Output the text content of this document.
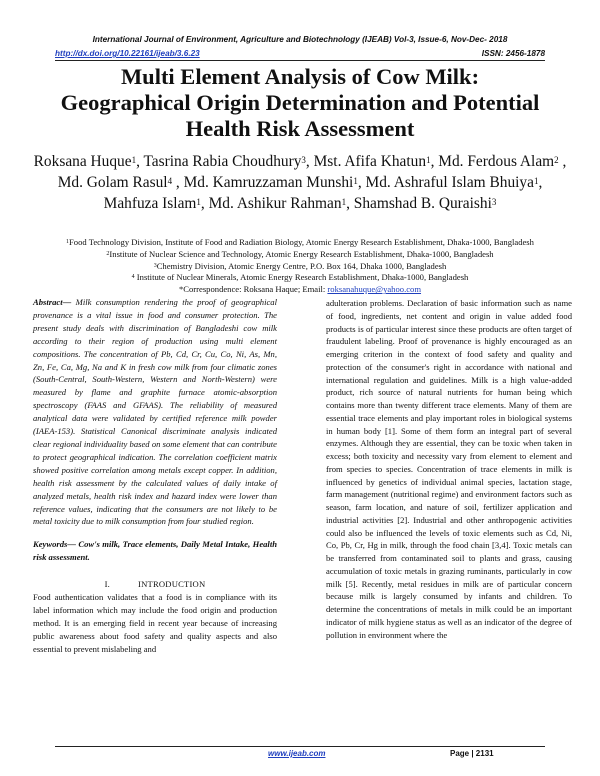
International Journal of Environment, Agriculture and Biotechnology (IJEAB) Vol-3, Issue-6, Nov-Dec- 2018
http://dx.doi.org/10.22161/ijeab/3.6.23	ISSN: 2456-1878
Multi Element Analysis of Cow Milk:
Geographical Origin Determination and Potential
Health Risk Assessment
Roksana Huque$^1$, Tasrina Rabia Choudhury$^3$, Mst. Afifa Khatun$^1$, Md. Ferdous Alam$^2$ , Md. Golam Rasul$^4$ , Md. Kamruzzaman Munshi$^1$, Md. Ashraful Islam Bhuiya$^1$, Mahfuza Islam$^1$, Md. Ashikur Rahman$^1$, Shamshad B. Quraishi$^3$
$^1$Food Technology Division, Institute of Food and Radiation Biology, Atomic Energy Research Establishment, Dhaka-1000, Bangladesh
$^2$Institute of Nuclear Science and Technology, Atomic Energy Research Establishment, Dhaka-1000, Bangladesh
$^3$Chemistry Division, Atomic Energy Centre, P.O. Box 164, Dhaka 1000, Bangladesh
$^4$ Institute of Nuclear Minerals, Atomic Energy Research Establishment, Dhaka-1000, Bangladesh
*Correspondence: Roksana Haque; Email: roksanahuque@yahoo.com

Abstract— Milk consumption rendering the proof of geographical provenance is a vital issue in food and consumer protection. The present study deals with discrimination of Bangladeshi cow milk according to their region of production using multi element compositions. The concentration of Pb, Cd, Cr, Cu, Co, Ni, As, Mn, Zn, Fe, Ca, Mg, Na and K in fresh cow milk from four climatic zones (South-Central, South-Western, Western and North-Western) were measured by flame and graphite furnace atomic-absorption spectroscopy (FAAS and GFAAS). The reliability of measured analytical data were validated by certified reference milk powder (IAEA-153). Statistical Canonical discriminate analysis indicated clear regional individuality based on some element that can contribute to protect geographical indication. The correlation coefficient matrix showed positive correlation among metals except copper. In addition, health risk assessment by the calculated values of daily intake of analyzed metals, health risk index and hazard index were lower than reference values, indicating that the consumers are not likely to be metal toxicity due to milk consumption from four studied region.

Keywords— Cow's milk, Trace elements, Daily Metal Intake, Health risk assessment.

I.	INTRODUCTION

Food authentication validates that a food is in compliance with its label information which may include the food origin and production method. It is an emerging field in recent year because of increasing public awareness about food safety and quality aspects and also essential to prevent mislabeling and

adulteration problems. Declaration of basic information such as name of food, ingredients, net content and origin in value added food products is of particular interest since these products are often target of fraudulent labeling. Proof of provenance is highly encouraged as an emerging criterion in the context of food safety and quality and protection of the consumer's right in accordance with national and international regulation and guidelines. Milk is a high value-added product, rich source of natural nutrients for human being which contains more than twenty different trace elements. Many of them are essential trace elements and play important roles in biological systems in human body [1]. Some of them form an integral part of several enzymes. Although they are essential, they can be toxic when taken in excess; both toxicity and necessity vary from element to element and from species to species. Concentration of trace elements in milk is influenced by genetics of individual animal species, lactation stage, farm management (nutritional regime) and environment factors such as season, farm location, and nature of soil, fertilizer application and industrial activities [2]. Industrial and other anthropogenic activities could also be influenced the levels of toxic elements such as Cd, Ni, Co, Pb, Cr, Hg in milk, through the food chain [3,4]. Toxic metals can be transferred from contaminated soil to plants and grass, causing accumulation of toxic metals in grazing ruminants, particularly in cow milk [5]. Recently, metal residues in milk are of particular concern because milk is largely consumed by infants and children. To determine the concentrations of metals in milk could be an important indicator of milk hygiene status as well as an indicator of the degree of pollution in environment where the

www.ijeab.com	Page | 2131
